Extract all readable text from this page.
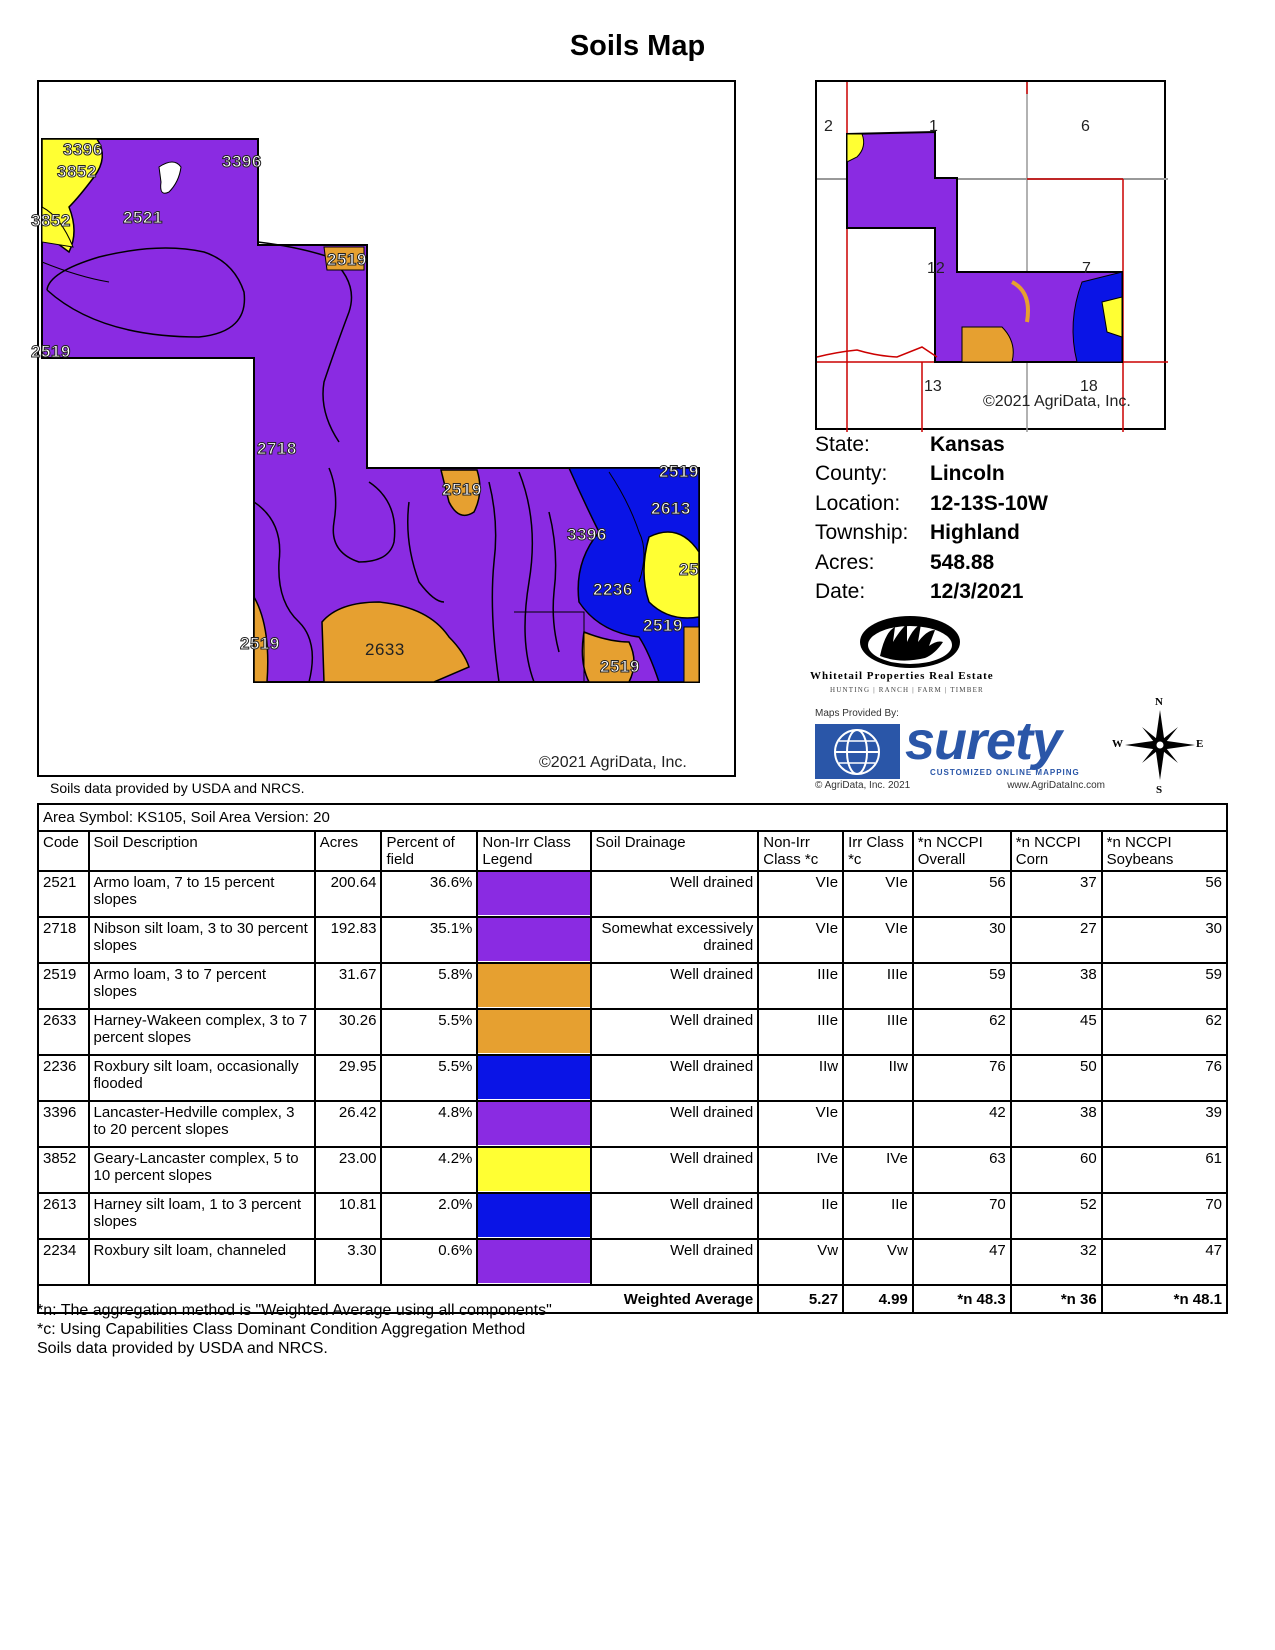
Soils Map
3396
3852
3396
3852	2521
2519
2519
2718
2519
2519
2613
3396
25
2236
2519
2519	2633
2519
©2021 AgriData, Inc.
2	1	6
12	7
13	18
©2021 AgriData, Inc.
State:	Kansas
County:	Lincoln
Location:	12-13S-10W
Township:	Highland
Acres:	548.88
Date:	12/3/2021
Whitetail Properties Real Estate
HUNTING | RANCH | FARM | TIMBER
Maps Provided By: surety
CUSTOMIZED ONLINE MAPPING
© AgriData, Inc. 2021	www.AgriDataInc.com
N
S
E
W
Soils data provided by USDA and NRCS.
Area Symbol: KS105, Soil Area Version: 20										
Code	Soil Description	Acres	Percent of field	Non-Irr Class Legend	Soil Drainage	Non-Irr Class *c	Irr Class *c	*n NCCPI Overall	*n NCCPI Corn	*n NCCPI Soybeans
2521	Armo loam, 7 to 15 percent slopes	200.64	36.6%		Well drained	VIe	VIe	56	37	56
2718	Nibson silt loam, 3 to 30 percent slopes	192.83	35.1%		Somewhat excessively drained	VIe	VIe	30	27	30
2519	Armo loam, 3 to 7 percent slopes	31.67	5.8%		Well drained	IIIe	IIIe	59	38	59
2633	Harney-Wakeen complex, 3 to 7 percent slopes	30.26	5.5%		Well drained	IIIe	IIIe	62	45	62
2236	Roxbury silt loam, occasionally flooded	29.95	5.5%		Well drained	IIw	IIw	76	50	76
3396	Lancaster-Hedville complex, 3 to 20 percent slopes	26.42	4.8%		Well drained	VIe		42	38	39
3852	Geary-Lancaster complex, 5 to 10 percent slopes	23.00	4.2%		Well drained	IVe	IVe	63	60	61
2613	Harney silt loam, 1 to 3 percent slopes	10.81	2.0%		Well drained	IIe	IIe	70	52	70
2234	Roxbury silt loam, channeled	3.30	0.6%		Well drained	Vw	Vw	47	32	47
Weighted Average						5.27	4.99	*n 48.3	*n 36	*n 48.1
*n: The aggregation method is "Weighted Average using all components"
*c: Using Capabilities Class Dominant Condition Aggregation Method
Soils data provided by USDA and NRCS.
